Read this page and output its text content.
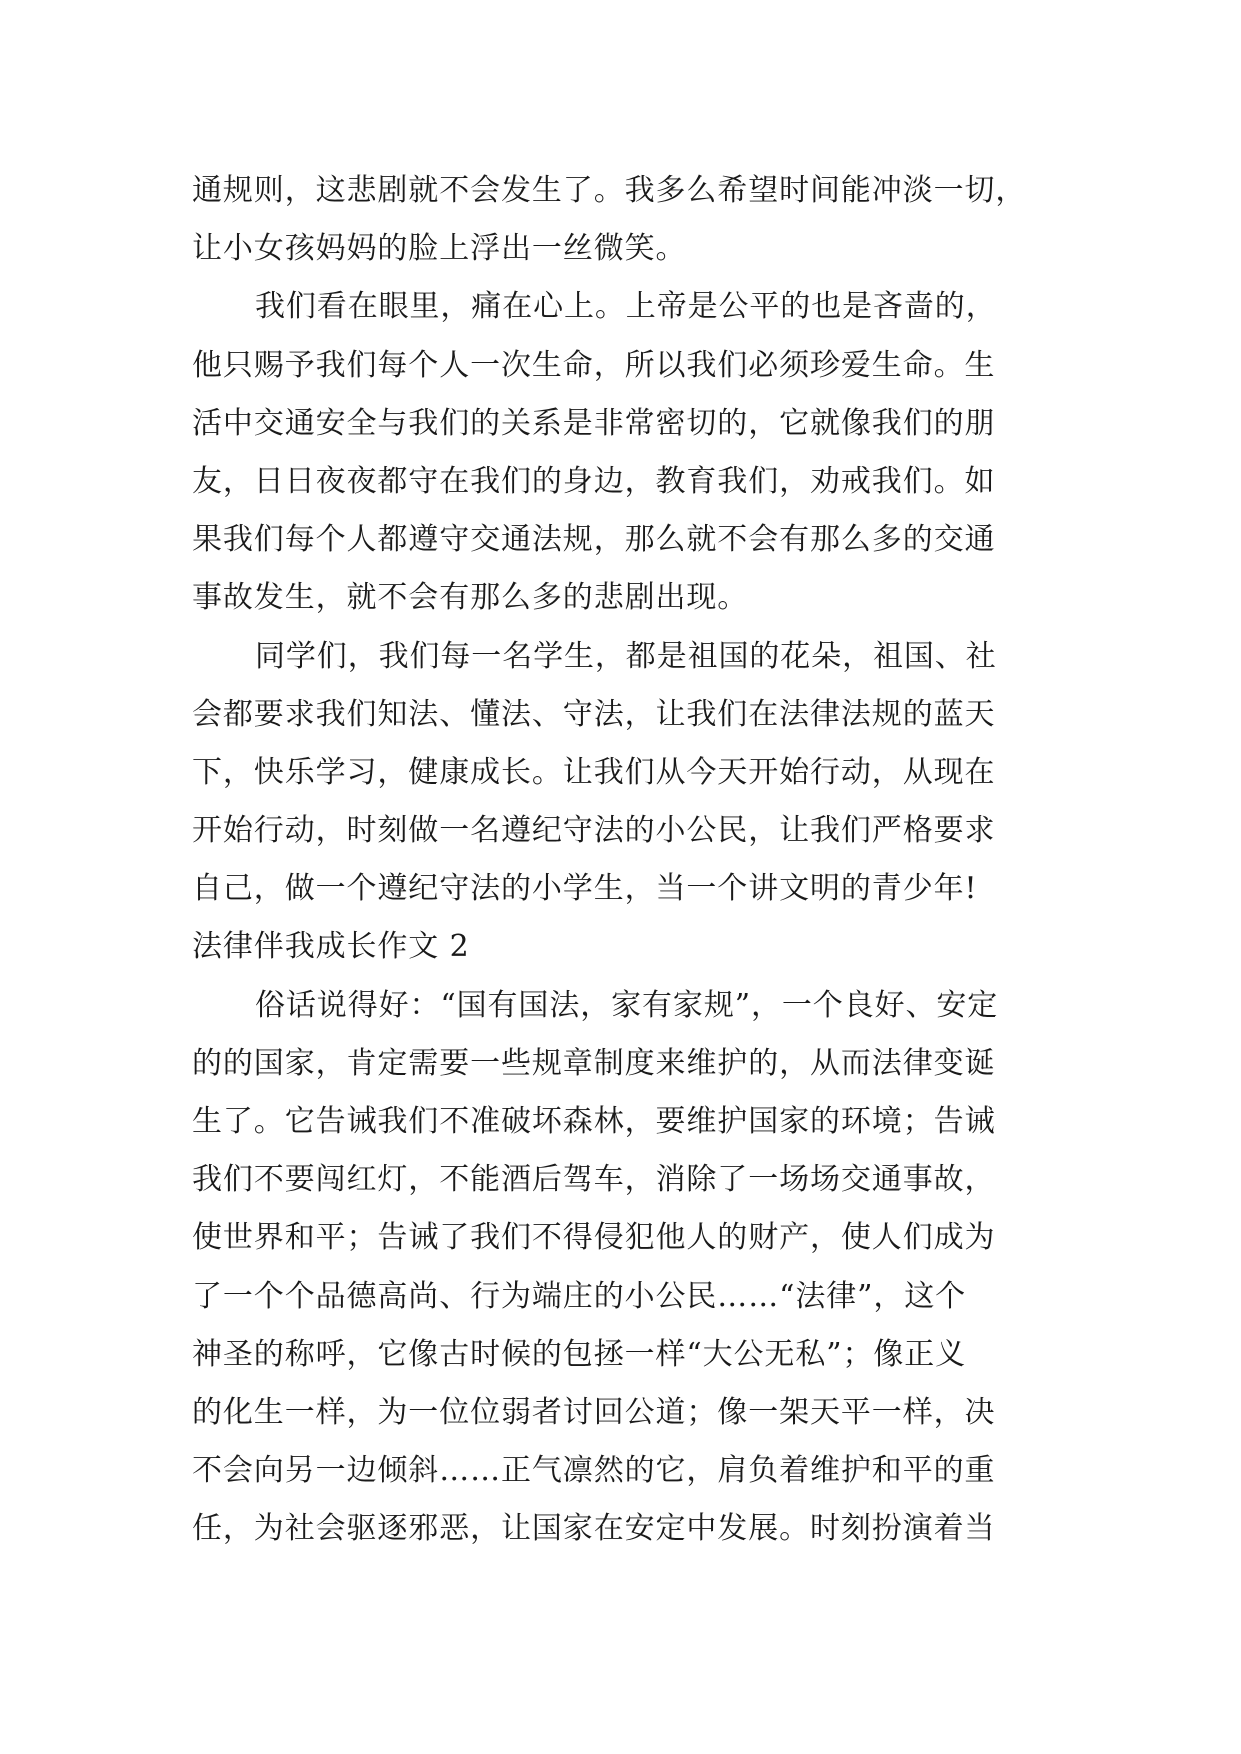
通规则，这悲剧就不会发生了。我多么希望时间能冲淡一切，
让小女孩妈妈的脸上浮出一丝微笑。
我们看在眼里，痛在心上。上帝是公平的也是吝啬的，
他只赐予我们每个人一次生命，所以我们必须珍爱生命。生
活中交通安全与我们的关系是非常密切的，它就像我们的朋
友，日日夜夜都守在我们的身边，教育我们，劝戒我们。如
果我们每个人都遵守交通法规，那么就不会有那么多的交通
事故发生，就不会有那么多的悲剧出现。
同学们，我们每一名学生，都是祖国的花朵，祖国、社
会都要求我们知法、懂法、守法，让我们在法律法规的蓝天
下，快乐学习，健康成长。让我们从今天开始行动，从现在
开始行动，时刻做一名遵纪守法的小公民，让我们严格要求
自己，做一个遵纪守法的小学生，当一个讲文明的青少年!
法律伴我成长作文 2
俗话说得好：“国有国法，家有家规”，一个良好、安定
的的国家，肯定需要一些规章制度来维护的，从而法律变诞
生了。它告诫我们不准破坏森林，要维护国家的环境；告诫
我们不要闯红灯，不能酒后驾车，消除了一场场交通事故，
使世界和平；告诫了我们不得侵犯他人的财产，使人们成为
了一个个品德高尚、行为端庄的小公民……“法律”，这个
神圣的称呼，它像古时候的包拯一样“大公无私”；像正义
的化生一样，为一位位弱者讨回公道；像一架天平一样，决
不会向另一边倾斜……正气凛然的它，肩负着维护和平的重
任，为社会驱逐邪恶，让国家在安定中发展。时刻扮演着当
